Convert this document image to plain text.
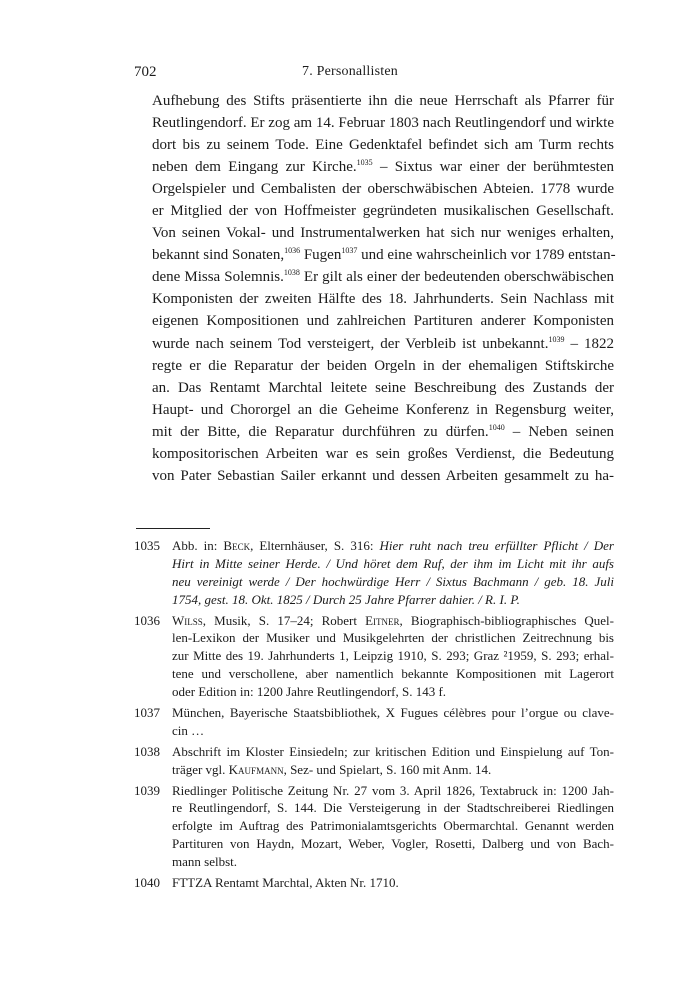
702	7. Personallisten
Aufhebung des Stifts präsentierte ihn die neue Herrschaft als Pfarrer für
Reutlingendorf. Er zog am 14. Februar 1803 nach Reutlingendorf und wirkte
dort bis zu seinem Tode. Eine Gedenktafel befindet sich am Turm rechts
neben dem Eingang zur Kirche.$^{1035}$ – Sixtus war einer der berühmtesten
Orgelspieler und Cembalisten der oberschwäbischen Abteien. 1778 wurde
er Mitglied der von Hoffmeister gegründeten musikalischen Gesellschaft.
Von seinen Vokal- und Instrumentalwerken hat sich nur weniges erhalten,
bekannt sind Sonaten,$^{1036}$ Fugen$^{1037}$ und eine wahrscheinlich vor 1789 entstan-
dene Missa Solemnis.$^{1038}$ Er gilt als einer der bedeutenden oberschwäbischen
Komponisten der zweiten Hälfte des 18. Jahrhunderts. Sein Nachlass mit
eigenen Kompositionen und zahlreichen Partituren anderer Komponisten
wurde nach seinem Tod versteigert, der Verbleib ist unbekannt.$^{1039}$ – 1822
regte er die Reparatur der beiden Orgeln in der ehemaligen Stiftskirche
an. Das Rentamt Marchtal leitete seine Beschreibung des Zustands der
Haupt- und Chororgel an die Geheime Konferenz in Regensburg weiter,
mit der Bitte, die Reparatur durchführen zu dürfen.$^{1040}$ – Neben seinen
kompositorischen Arbeiten war es sein großes Verdienst, die Bedeutung
von Pater Sebastian Sailer erkannt und dessen Arbeiten gesammelt zu ha-
1035 Abb. in: Beck, Elternhäuser, S. 316: Hier ruht nach treu erfüllter Pflicht / Der
Hirt in Mitte seiner Herde. / Und höret dem Ruf, der ihm im Licht mit ihr aufs
neu vereinigt werde / Der hochwürdige Herr / Sixtus Bachmann / geb. 18. Juli
1754, gest. 18. Okt. 1825 / Durch 25 Jahre Pfarrer dahier. / R. I. P.
1036 Wilss, Musik, S. 17–24; Robert Eitner, Biographisch-bibliographisches Quel-
len-Lexikon der Musiker und Musikgelehrten der christlichen Zeitrechnung bis
zur Mitte des 19. Jahrhunderts 1, Leipzig 1910, S. 293; Graz ²1959, S. 293; erhal-
tene und verschollene, aber namentlich bekannte Kompositionen mit Lagerort
oder Edition in: 1200 Jahre Reutlingendorf, S. 143 f.
1037 München, Bayerische Staatsbibliothek, X Fugues célèbres pour l’orgue ou clave-
cin …
1038 Abschrift im Kloster Einsiedeln; zur kritischen Edition und Einspielung auf Ton-
träger vgl. Kaufmann, Sez- und Spielart, S. 160 mit Anm. 14.
1039 Riedlinger Politische Zeitung Nr. 27 vom 3. April 1826, Textabruck in: 1200 Jah-
re Reutlingendorf, S. 144. Die Versteigerung in der Stadtschreiberei Riedlingen
erfolgte im Auftrag des Patrimonialamtsgerichts Obermarchtal. Genannt werden
Partituren von Haydn, Mozart, Weber, Vogler, Rosetti, Dalberg und von Bach-
mann selbst.
1040 FTTZA Rentamt Marchtal, Akten Nr. 1710.
